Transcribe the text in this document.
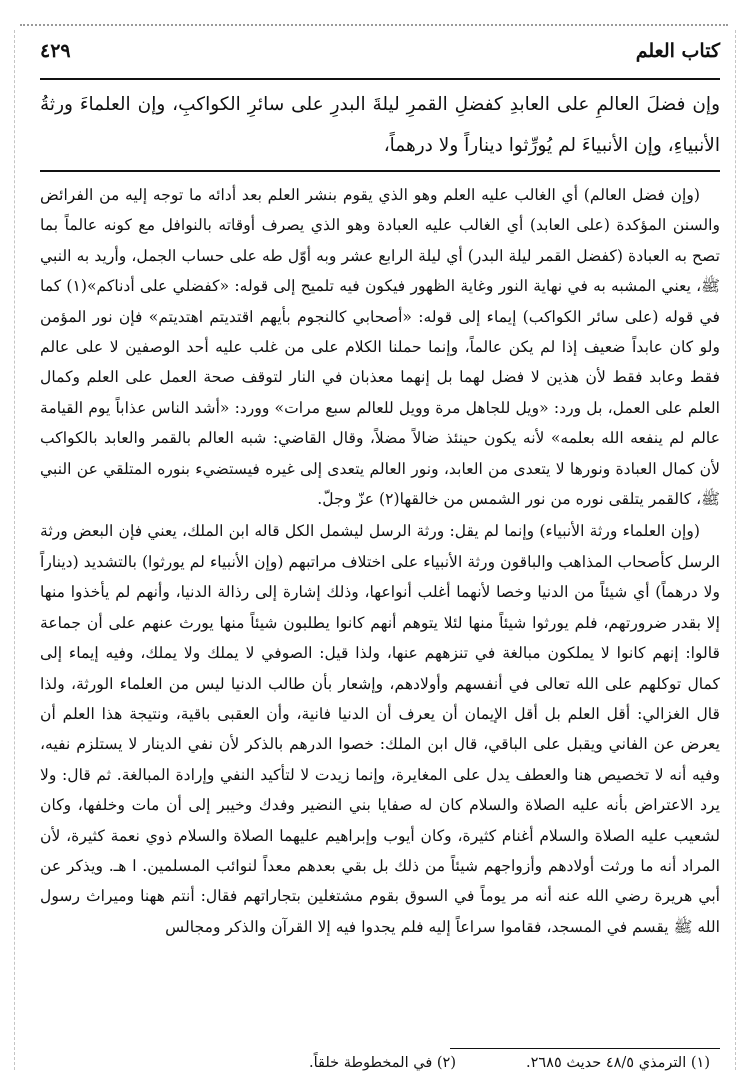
كتاب العلم
٤٢٩
وإن فضلَ العالمِ على العابدِ كفضلِ القمرِ ليلةَ البدرِ على سائرِ الكواكبِ، وإن العلماءَ ورثةُ الأنبياءِ، وإن الأنبياءَ لم يُورِّثوا ديناراً ولا درهماً،

(وإن فضل العالم) أي الغالب عليه العلم وهو الذي يقوم بنشر العلم بعد أدائه ما توجه إليه من الفرائض والسنن المؤكدة (على العابد) أي الغالب عليه العبادة وهو الذي يصرف أوقاته بالنوافل مع كونه عالماً بما تصح به العبادة (كفضل القمر ليلة البدر) أي ليلة الرابع عشر وبه أوّل طه على حساب الجمل، وأريد به النبي ﷺ، يعني المشبه به في نهاية النور وغاية الظهور فيكون فيه تلميح إلى قوله: «كفضلي على أدناكم»(١) كما في قوله (على سائر الكواكب) إيماء إلى قوله: «أصحابي كالنجوم بأيهم اقتديتم اهتديتم» فإن نور المؤمن ولو كان عابداً ضعيف إذا لم يكن عالماً، وإنما حملنا الكلام على من غلب عليه أحد الوصفين لا على عالم فقط وعابد فقط لأن هذين لا فضل لهما بل إنهما معذبان في النار لتوقف صحة العمل على العلم وكمال العلم على العمل، بل ورد: «ويل للجاهل مرة وويل للعالم سبع مرات» وورد: «أشد الناس عذاباً يوم القيامة عالم لم ينفعه الله بعلمه» لأنه يكون حينئذ ضالاً مضلاً، وقال القاضي: شبه العالم بالقمر والعابد بالكواكب لأن كمال العبادة ونورها لا يتعدى من العابد، ونور العالم يتعدى إلى غيره فيستضيء بنوره المتلقي عن النبي ﷺ، كالقمر يتلقى نوره من نور الشمس من خالقها(٢) عزّ وجلّ.

(وإن العلماء ورثة الأنبياء) وإنما لم يقل: ورثة الرسل ليشمل الكل قاله ابن الملك، يعني فإن البعض ورثة الرسل كأصحاب المذاهب والباقون ورثة الأنبياء على اختلاف مراتبهم (وإن الأنبياء لم يورثوا) بالتشديد (ديناراً ولا درهماً) أي شيئاً من الدنيا وخصا لأنهما أغلب أنواعها، وذلك إشارة إلى رذالة الدنيا، وأنهم لم يأخذوا منها إلا بقدر ضرورتهم، فلم يورثوا شيئاً منها لئلا يتوهم أنهم كانوا يطلبون شيئاً منها يورث عنهم على أن جماعة قالوا: إنهم كانوا لا يملكون مبالغة في تنزههم عنها، ولذا قيل: الصوفي لا يملك ولا يملك، وفيه إيماء إلى كمال توكلهم على الله تعالى في أنفسهم وأولادهم، وإشعار بأن طالب الدنيا ليس من العلماء الورثة، ولذا قال الغزالي: أقل العلم بل أقل الإيمان أن يعرف أن الدنيا فانية، وأن العقبى باقية، ونتيجة هذا العلم أن يعرض عن الفاني ويقبل على الباقي، قال ابن الملك: خصوا الدرهم بالذكر لأن نفي الدينار لا يستلزم نفيه، وفيه أنه لا تخصيص هنا والعطف يدل على المغايرة، وإنما زيدت لا لتأكيد النفي وإرادة المبالغة. ثم قال: ولا يرد الاعتراض بأنه عليه الصلاة والسلام كان له صفايا بني النضير وفدك وخيبر إلى أن مات وخلفها، وكان لشعيب عليه الصلاة والسلام أغنام كثيرة، وكان أيوب وإبراهيم عليهما الصلاة والسلام ذوي نعمة كثيرة، لأن المراد أنه ما ورثت أولادهم وأزواجهم شيئاً من ذلك بل بقي بعدهم معداً لنوائب المسلمين. ا هـ. ويذكر عن أبي هريرة رضي الله عنه أنه مر يوماً في السوق بقوم مشتغلين بتجاراتهم فقال: أنتم ههنا وميراث رسول الله ﷺ يقسم في المسجد، فقاموا سراعاً إليه فلم يجدوا فيه إلا القرآن والذكر ومجالس

(١) الترمذي ٤٨/٥ حديث ٢٦٨٥.
(٢) في المخطوطة خلقاً.
